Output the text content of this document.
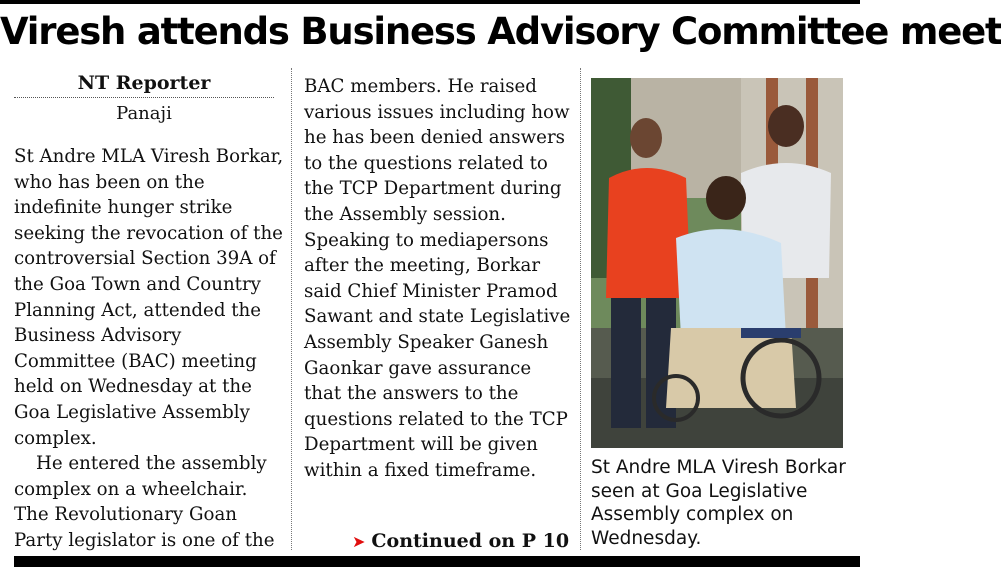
Viresh attends Business Advisory Committee meet
NT Reporter
Panaji

St Andre MLA Viresh Borkar, who has been on the indefinite hunger strike seeking the revocation of the controversial Section 39A of the Goa Town and Country Planning Act, attended the Business Advisory Committee (BAC) meeting held on Wednesday at the Goa Legislative Assembly complex.

He entered the assembly complex on a wheelchair. The Revolutionary Goan Party legislator is one of the

BAC members. He raised various issues including how he has been denied answers to the questions related to the TCP Department during the Assembly session. Speaking to mediapersons after the meeting, Borkar said Chief Minister Pramod Sawant and state Legislative Assembly Speaker Ganesh Gaonkar gave assurance that the answers to the questions related to the TCP Department will be given within a fixed timeframe.

➤ Continued on P 10
St Andre MLA Viresh Borkar seen at Goa Legislative Assembly complex on Wednesday.
